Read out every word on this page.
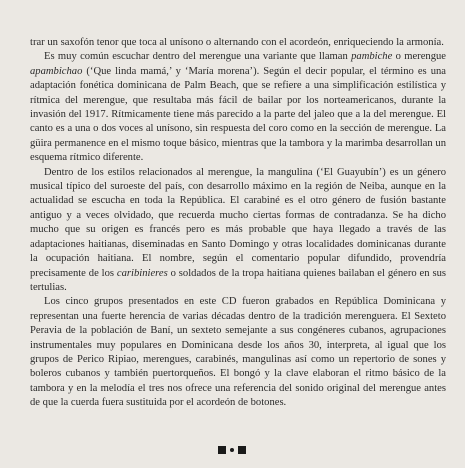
trar un saxofón tenor que toca al unísono o alternando con el acordeón, enriqueciendo la armonía.

Es muy común escuchar dentro del merengue una variante que llaman pambiche o merengue apambichao (‘Que linda mamá,’ y ‘María morena’). Según el decir popular, el término es una adaptación fonética dominicana de Palm Beach, que se refiere a una simplificación estilística y rítmica del merengue, que resultaba más fácil de bailar por los norteamericanos, durante la invasión del 1917. Rítmicamente tiene más parecido a la parte del jaleo que a la del merengue. El canto es a una o dos voces al unísono, sin respuesta del coro como en la sección de merengue. La güira permanence en el mismo toque básico, mientras que la tambora y la marimba desarrollan un esquema rítmico diferente.

Dentro de los estilos relacionados al merengue, la mangulina (‘El Guayubín’) es un género musical típico del suroeste del país, con desarrollo máximo en la región de Neiba, aunque en la actualidad se escucha en toda la República. El carabiné es el otro género de fusión bastante antiguo y a veces olvidado, que recuerda mucho ciertas formas de contradanza. Se ha dicho mucho que su origen es francés pero es más probable que haya llegado a través de las adaptaciones haitianas, diseminadas en Santo Domingo y otras localidades dominicanas durante la ocupación haitiana. El nombre, según el comentario popular difundido, provendría precisamente de los caribinieres o soldados de la tropa haitiana quienes bailaban el género en sus tertulias.

Los cinco grupos presentados en este CD fueron grabados en República Dominicana y representan una fuerte herencia de varias décadas dentro de la tradición merenguera. El Sexteto Peravia de la población de Baní, un sexteto semejante a sus congéneres cubanos, agrupaciones instrumentales muy populares en Dominicana desde los años 30, interpreta, al igual que los grupos de Perico Ripiao, merengues, carabinés, mangulinas así como un repertorio de sones y boleros cubanos y también puertorqueños. El bongó y la clave elaboran el ritmo básico de la tambora y en la melodía el tres nos ofrece una referencia del sonido original del merengue antes de que la cuerda fuera sustituida por el acordeón de botones.
